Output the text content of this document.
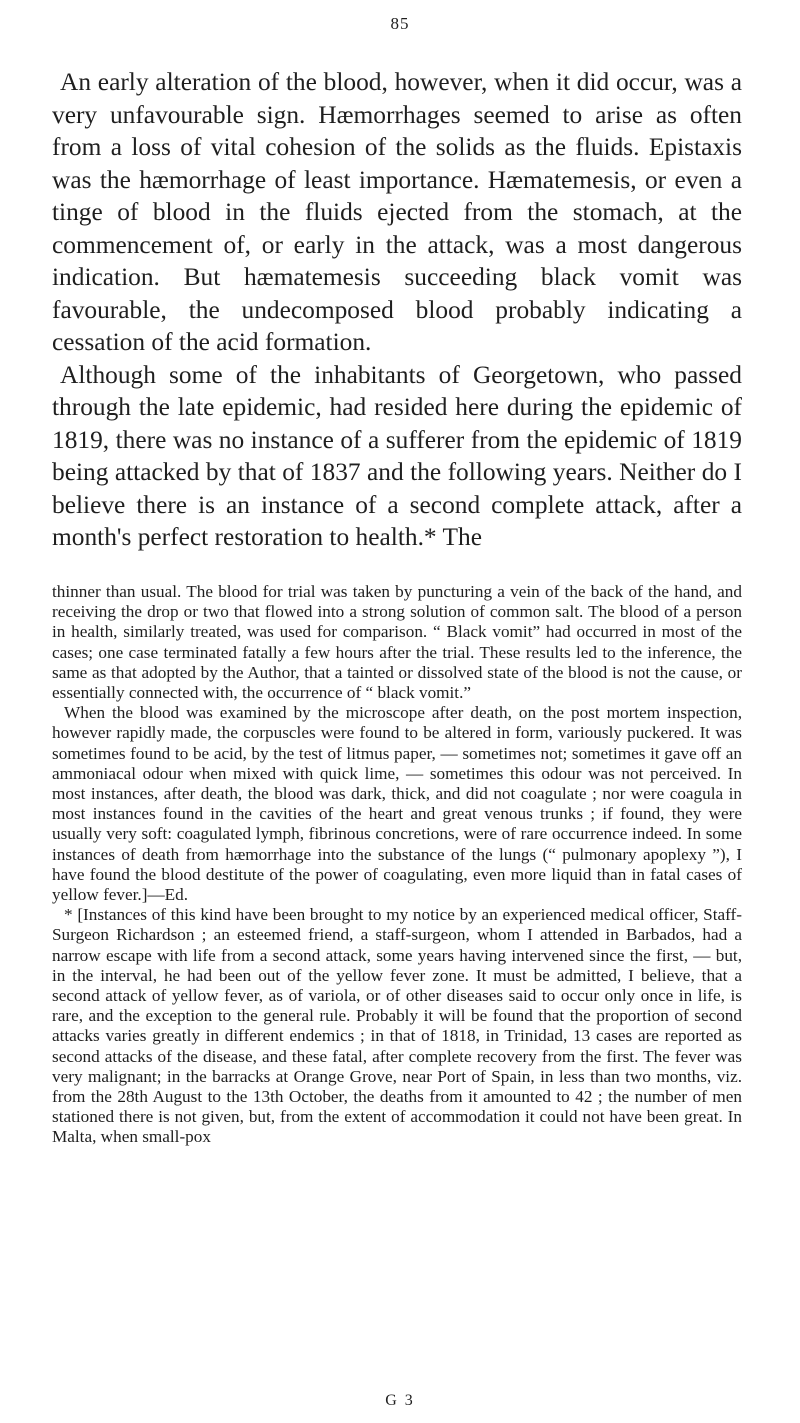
85

An early alteration of the blood, however, when it did occur, was a very unfavourable sign. Hæmorrhages seemed to arise as often from a loss of vital cohesion of the solids as the fluids. Epistaxis was the hæmorrhage of least importance. Hæmatemesis, or even a tinge of blood in the fluids ejected from the stomach, at the commencement of, or early in the attack, was a most dangerous indication. But hæmatemesis succeeding black vomit was favourable, the undecomposed blood probably indicating a cessation of the acid formation.

Although some of the inhabitants of Georgetown, who passed through the late epidemic, had resided here during the epidemic of 1819, there was no instance of a sufferer from the epidemic of 1819 being attacked by that of 1837 and the following years. Neither do I believe there is an instance of a second complete attack, after a month's perfect restoration to health.* The

thinner than usual. The blood for trial was taken by puncturing a vein of the back of the hand, and receiving the drop or two that flowed into a strong solution of common salt. The blood of a person in health, similarly treated, was used for comparison. “ Black vomit” had occurred in most of the cases; one case terminated fatally a few hours after the trial. These results led to the inference, the same as that adopted by the Author, that a tainted or dissolved state of the blood is not the cause, or essentially connected with, the occurrence of “ black vomit.”

When the blood was examined by the microscope after death, on the post mortem inspection, however rapidly made, the corpuscles were found to be altered in form, variously puckered. It was sometimes found to be acid, by the test of litmus paper, — sometimes not; sometimes it gave off an ammoniacal odour when mixed with quick lime, — sometimes this odour was not perceived. In most instances, after death, the blood was dark, thick, and did not coagulate ; nor were coagula in most instances found in the cavities of the heart and great venous trunks ; if found, they were usually very soft: coagulated lymph, fibrinous concretions, were of rare occurrence indeed. In some instances of death from hæmorrhage into the substance of the lungs (“ pulmonary apoplexy ”), I have found the blood destitute of the power of coagulating, even more liquid than in fatal cases of yellow fever.]—Ed.

* [Instances of this kind have been brought to my notice by an experienced medical officer, Staff-Surgeon Richardson ; an esteemed friend, a staff-surgeon, whom I attended in Barbados, had a narrow escape with life from a second attack, some years having intervened since the first, — but, in the interval, he had been out of the yellow fever zone. It must be admitted, I believe, that a second attack of yellow fever, as of variola, or of other diseases said to occur only once in life, is rare, and the exception to the general rule. Probably it will be found that the proportion of second attacks varies greatly in different endemics ; in that of 1818, in Trinidad, 13 cases are reported as second attacks of the disease, and these fatal, after complete recovery from the first. The fever was very malignant; in the barracks at Orange Grove, near Port of Spain, in less than two months, viz. from the 28th August to the 13th October, the deaths from it amounted to 42 ; the number of men stationed there is not given, but, from the extent of accommodation it could not have been great. In Malta, when small-pox

G 3
